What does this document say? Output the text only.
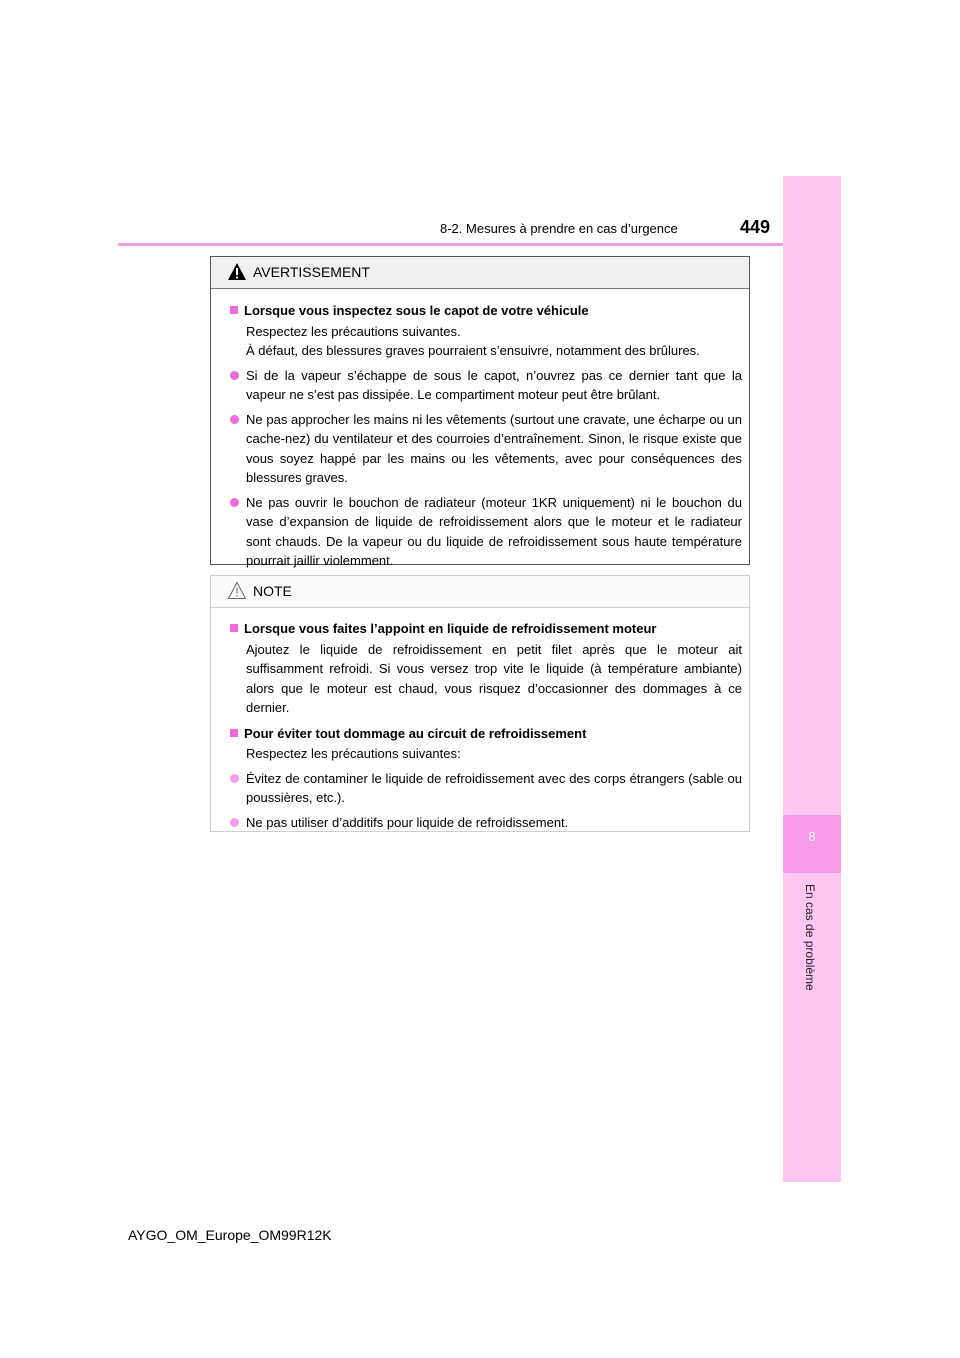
8-2. Mesures à prendre en cas d’urgence	449
8
En cas de problème
AVERTISSEMENT

Lorsque vous inspectez sous le capot de votre véhicule

Respectez les précautions suivantes.

À défaut, des blessures graves pourraient s’ensuivre, notamment des brûlures.

Si de la vapeur s’échappe de sous le capot, n’ouvrez pas ce dernier tant que la vapeur ne s’est pas dissipée. Le compartiment moteur peut être brûlant.

Ne pas approcher les mains ni les vêtements (surtout une cravate, une écharpe ou un cache-nez) du ventilateur et des courroies d’entraînement. Sinon, le risque existe que vous soyez happé par les mains ou les vêtements, avec pour conséquences des blessures graves.

Ne pas ouvrir le bouchon de radiateur (moteur 1KR uniquement) ni le bouchon du vase d’expansion de liquide de refroidissement alors que le moteur et le radiateur sont chauds. De la vapeur ou du liquide de refroidissement sous haute température pourrait jaillir violemment.

NOTE

Lorsque vous faites l’appoint en liquide de refroidissement moteur

Ajoutez le liquide de refroidissement en petit filet après que le moteur ait suffisamment refroidi. Si vous versez trop vite le liquide (à température ambiante) alors que le moteur est chaud, vous risquez d’occasionner des dommages à ce dernier.

Pour éviter tout dommage au circuit de refroidissement

Respectez les précautions suivantes:

Évitez de contaminer le liquide de refroidissement avec des corps étrangers (sable ou poussières, etc.).

Ne pas utiliser d’additifs pour liquide de refroidissement.

AYGO_OM_Europe_OM99R12K
